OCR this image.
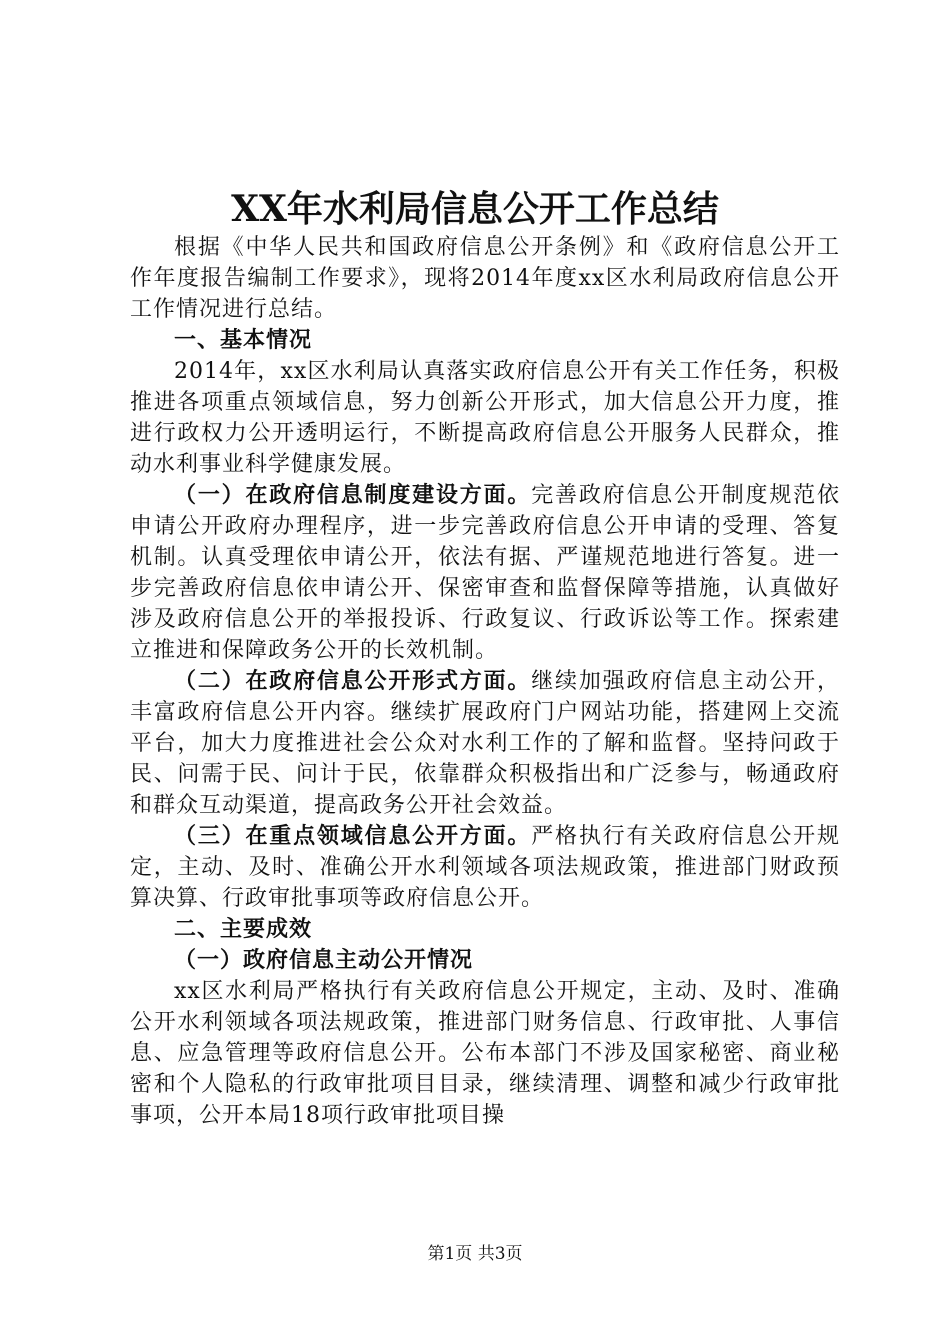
XX年水利局信息公开工作总结

根据《中华人民共和国政府信息公开条例》和《政府信息公开工作年度报告编制工作要求》，现将2014年度xx区水利局政府信息公开工作情况进行总结。

一、基本情况

2014年，xx区水利局认真落实政府信息公开有关工作任务，积极推进各项重点领域信息，努力创新公开形式，加大信息公开力度，推进行政权力公开透明运行，不断提高政府信息公开服务人民群众，推动水利事业科学健康发展。

（一）在政府信息制度建设方面。完善政府信息公开制度规范依申请公开政府办理程序，进一步完善政府信息公开申请的受理、答复机制。认真受理依申请公开，依法有据、严谨规范地进行答复。进一步完善政府信息依申请公开、保密审查和监督保障等措施，认真做好涉及政府信息公开的举报投诉、行政复议、行政诉讼等工作。探索建立推进和保障政务公开的长效机制。

（二）在政府信息公开形式方面。继续加强政府信息主动公开，丰富政府信息公开内容。继续扩展政府门户网站功能，搭建网上交流平台，加大力度推进社会公众对水利工作的了解和监督。坚持问政于民、问需于民、问计于民，依靠群众积极指出和广泛参与，畅通政府和群众互动渠道，提高政务公开社会效益。

（三）在重点领域信息公开方面。严格执行有关政府信息公开规定，主动、及时、准确公开水利领域各项法规政策，推进部门财政预算决算、行政审批事项等政府信息公开。

二、主要成效

（一）政府信息主动公开情况

xx区水利局严格执行有关政府信息公开规定，主动、及时、准确公开水利领域各项法规政策，推进部门财务信息、行政审批、人事信息、应急管理等政府信息公开。公布本部门不涉及国家秘密、商业秘密和个人隐私的行政审批项目目录，继续清理、调整和减少行政审批事项，公开本局18项行政审批项目操

第1页 共3页
